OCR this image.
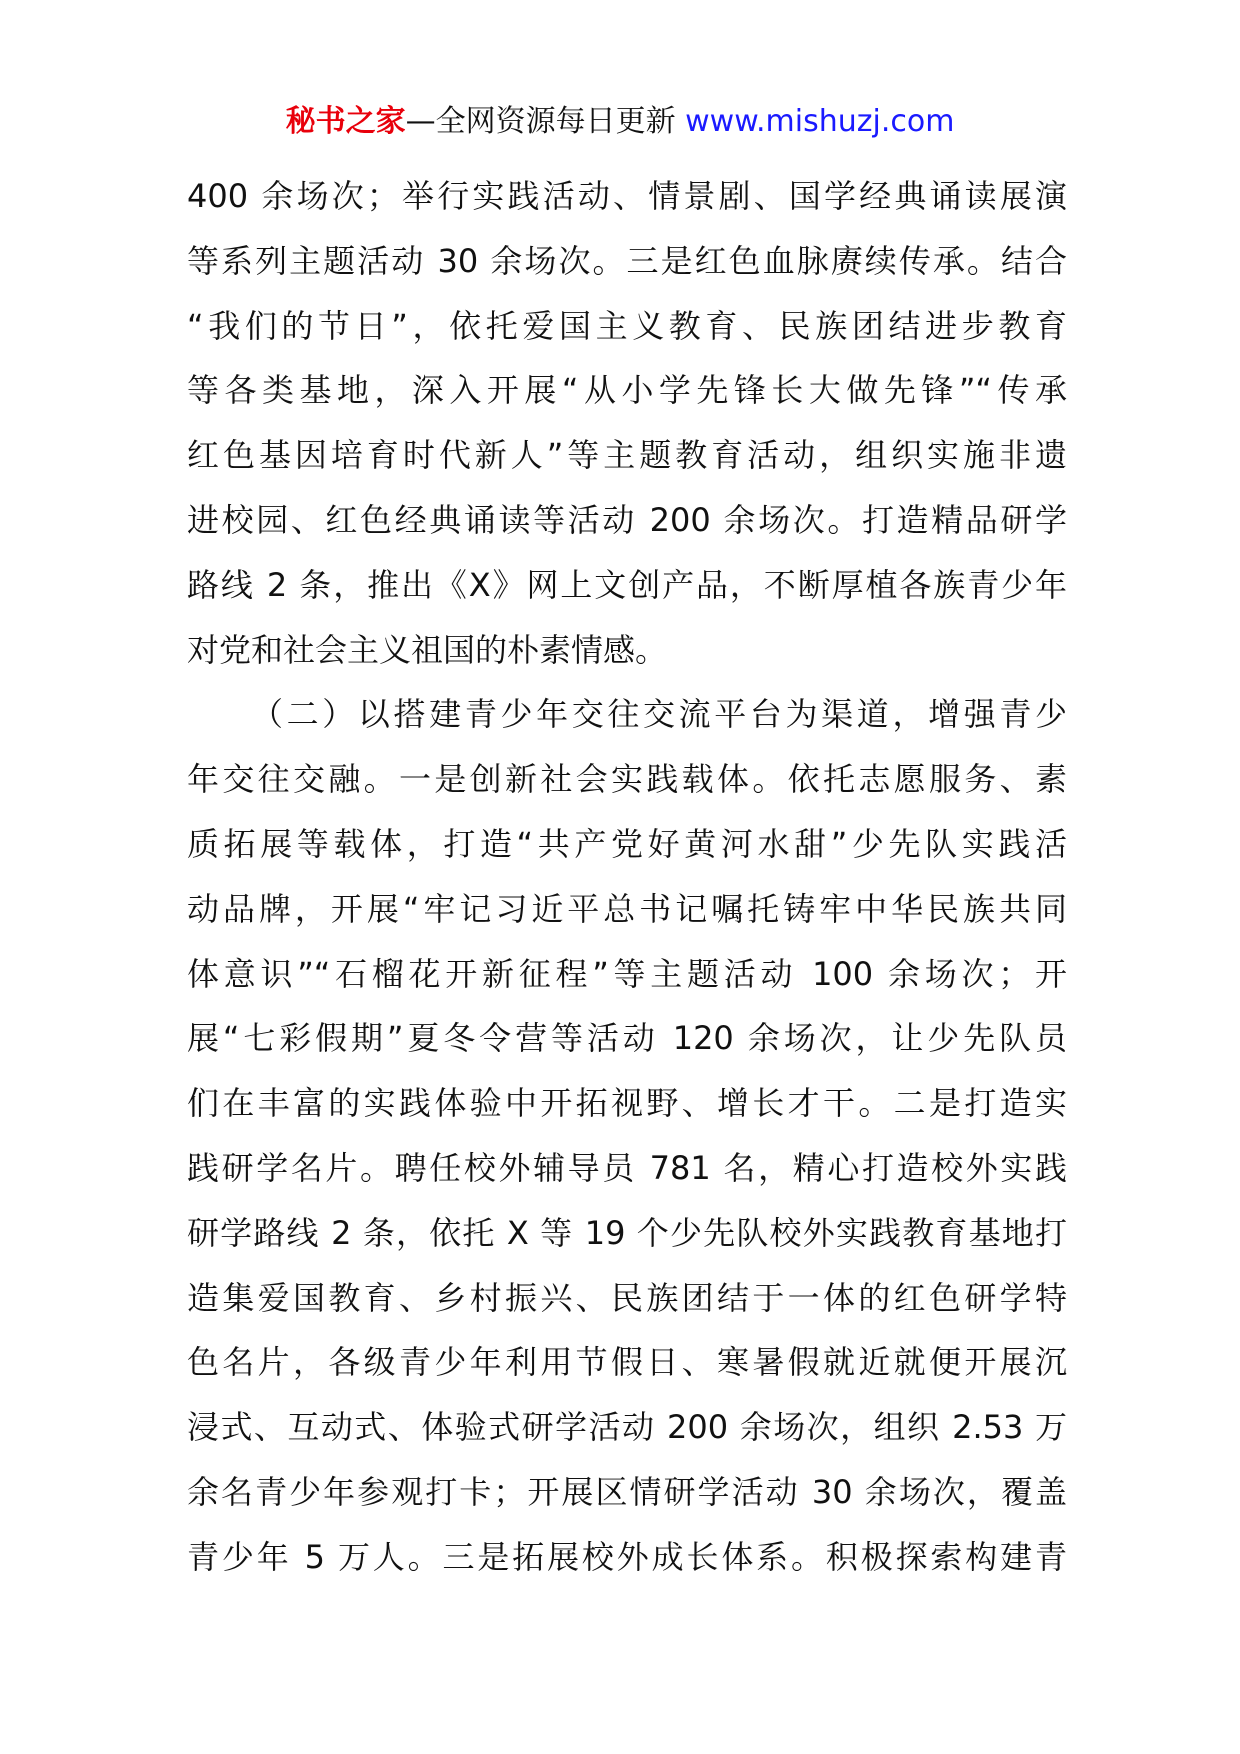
秘书之家—全网资源每日更新 www.mishuzj.com
400 余场次；举行实践活动、情景剧、国学经典诵读展演
等系列主题活动 30 余场次。三是红色血脉赓续传承。结合
“我们的节日”，依托爱国主义教育、民族团结进步教育
等各类基地，深入开展“从小学先锋长大做先锋”“传承
红色基因培育时代新人”等主题教育活动，组织实施非遗
进校园、红色经典诵读等活动 200 余场次。打造精品研学
路线 2 条，推出《X》网上文创产品，不断厚植各族青少年
对党和社会主义祖国的朴素情感。
（二）以搭建青少年交往交流平台为渠道，增强青少
年交往交融。一是创新社会实践载体。依托志愿服务、素
质拓展等载体，打造“共产党好黄河水甜”少先队实践活
动品牌，开展“牢记习近平总书记嘱托铸牢中华民族共同
体意识”“石榴花开新征程”等主题活动 100 余场次；开
展“七彩假期”夏冬令营等活动 120 余场次，让少先队员
们在丰富的实践体验中开拓视野、增长才干。二是打造实
践研学名片。聘任校外辅导员 781 名，精心打造校外实践
研学路线 2 条，依托 X 等 19 个少先队校外实践教育基地打
造集爱国教育、乡村振兴、民族团结于一体的红色研学特
色名片，各级青少年利用节假日、寒暑假就近就便开展沉
浸式、互动式、体验式研学活动 200 余场次，组织 2.53 万
余名青少年参观打卡；开展区情研学活动 30 余场次，覆盖
青少年 5 万人。三是拓展校外成长体系。积极探索构建青
